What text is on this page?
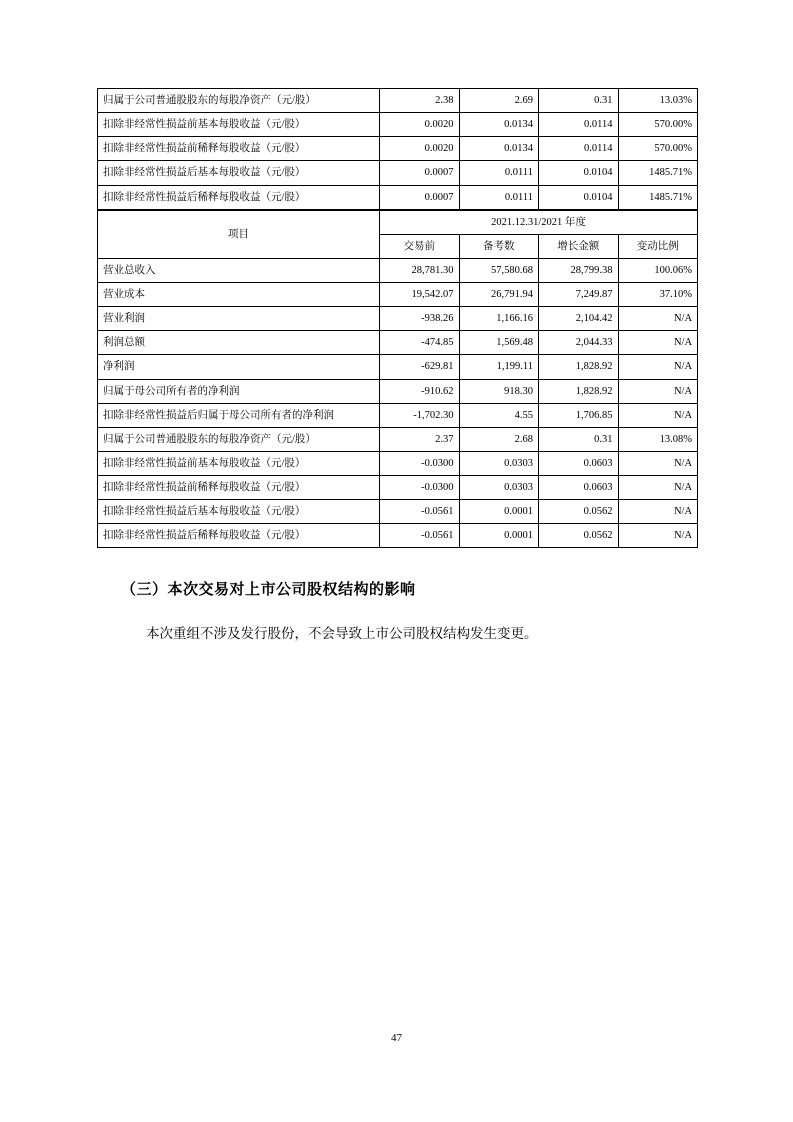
归属于公司普通股股东的每股净资产（元/股）	2.38	2.69	0.31	13.03%
扣除非经常性损益前基本每股收益（元/股）	0.0020	0.0134	0.0114	570.00%
扣除非经常性损益前稀释每股收益（元/股）	0.0020	0.0134	0.0114	570.00%
扣除非经常性损益后基本每股收益（元/股）	0.0007	0.0111	0.0104	1485.71%
扣除非经常性损益后稀释每股收益（元/股）	0.0007	0.0111	0.0104	1485.71%
项目	2021.12.31/2021 年度			
	交易前	备考数	增长金额	变动比例
营业总收入	28,781.30	57,580.68	28,799.38	100.06%
营业成本	19,542.07	26,791.94	7,249.87	37.10%
营业利润	-938.26	1,166.16	2,104.42	N/A
利润总额	-474.85	1,569.48	2,044.33	N/A
净利润	-629.81	1,199.11	1,828.92	N/A
归属于母公司所有者的净利润	-910.62	918.30	1,828.92	N/A
扣除非经常性损益后归属于母公司所有者的净利润	-1,702.30	4.55	1,706.85	N/A
归属于公司普通股股东的每股净资产（元/股）	2.37	2.68	0.31	13.08%
扣除非经常性损益前基本每股收益（元/股）	-0.0300	0.0303	0.0603	N/A
扣除非经常性损益前稀释每股收益（元/股）	-0.0300	0.0303	0.0603	N/A
扣除非经常性损益后基本每股收益（元/股）	-0.0561	0.0001	0.0562	N/A
扣除非经常性损益后稀释每股收益（元/股）	-0.0561	0.0001	0.0562	N/A
（三）本次交易对上市公司股权结构的影响

本次重组不涉及发行股份，不会导致上市公司股权结构发生变更。

47
